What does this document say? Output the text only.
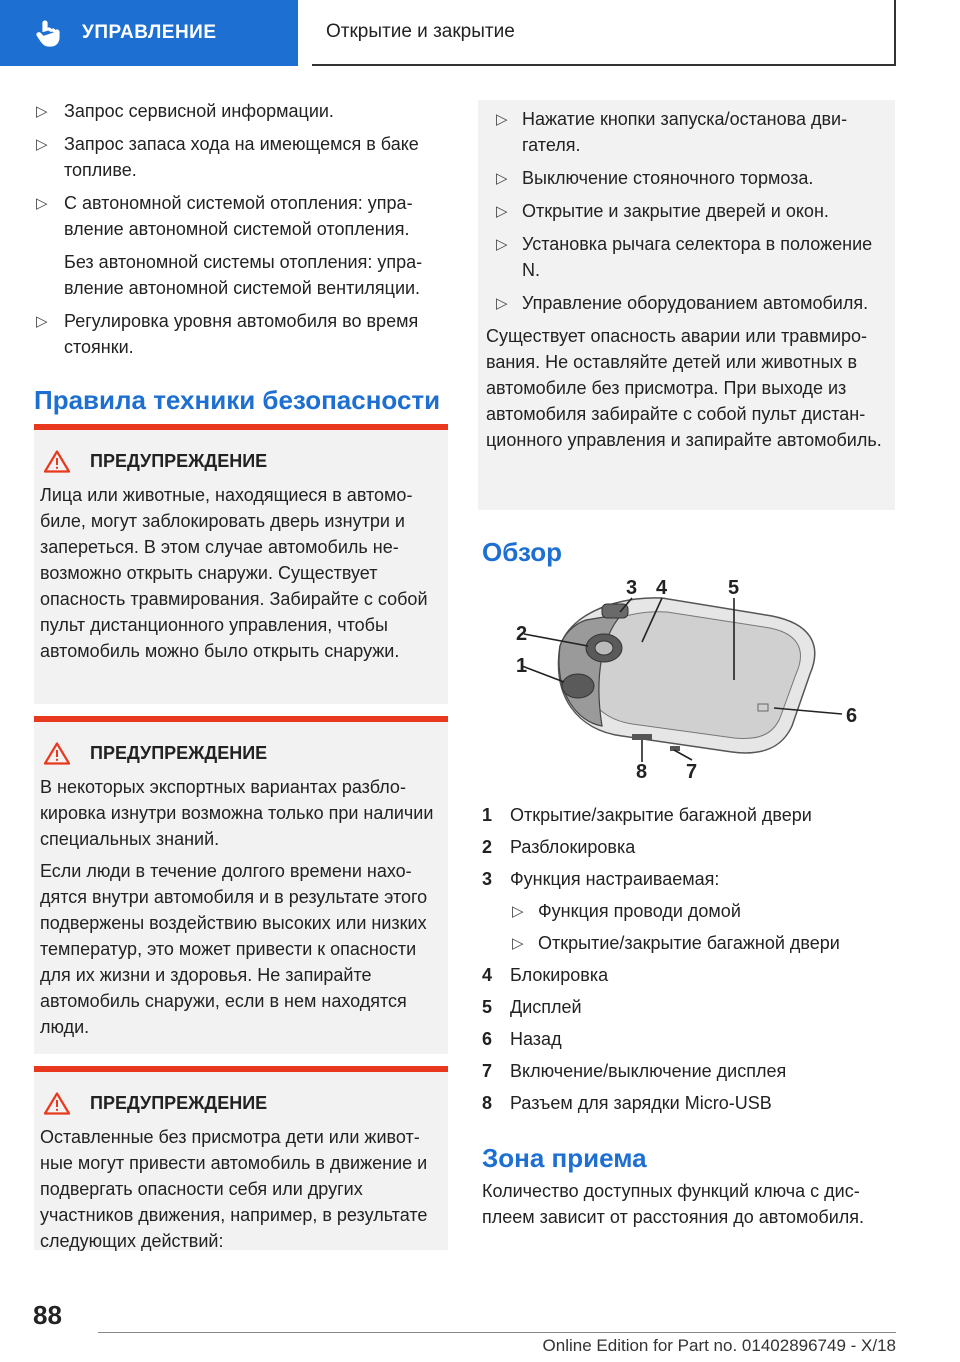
УПРАВЛЕНИЕ	Открытие и закрытие
▷ Запрос сервисной информации.
▷ Запрос запаса хода на имеющемся в баке топливе.
▷ С автономной системой отопления: управление автономной системой отопления.
Без автономной системы отопления: управление автономной системой вентиляции.
▷ Регулировка уровня автомобиля во время стоянки.
Правила техники безопасности
ПРЕДУПРЕЖДЕНИЕ

Лица или животные, находящиеся в автомобиле, могут заблокировать дверь изнутри и запереться. В этом случае автомобиль невозможно открыть снаружи. Существует опасность травмирования. Забирайте с собой пульт дистанционного управления, чтобы автомобиль можно было открыть снаружи.

ПРЕДУПРЕЖДЕНИЕ

В некоторых экспортных вариантах разблокировка изнутри возможна только при наличии специальных знаний.

Если люди в течение долгого времени находятся внутри автомобиля и в результате этого подвержены воздействию высоких или низких температур, это может привести к опасности для их жизни и здоровья. Не запирайте автомобиль снаружи, если в нем находятся люди.

ПРЕДУПРЕЖДЕНИЕ

Оставленные без присмотра дети или животные могут привести автомобиль в движение и подвергать опасности себя или других участников движения, например, в результате следующих действий:

▷ Нажатие кнопки запуска/останова двигателя.
▷ Выключение стояночного тормоза.
▷ Открытие и закрытие дверей и окон.
▷ Установка рычага селектора в положение N.
▷ Управление оборудованием автомобиля.

Существует опасность аварии или травмирования. Не оставляйте детей или животных в автомобиле без присмотра. При выходе из автомобиля забирайте с собой пульт дистанционного управления и запирайте автомобиль.

Обзор
1
2
3 4	5
6
7
8
1 Открытие/закрытие багажной двери
2 Разблокировка
3 Функция настраиваемая:
▷ Функция проводи домой
▷ Открытие/закрытие багажной двери
4 Блокировка
5 Дисплей
6 Назад
7 Включение/выключение дисплея
8 Разъем для зарядки Micro-USB
Зона приема

Количество доступных функций ключа с дисплеем зависит от расстояния до автомобиля.

88
Online Edition for Part no. 01402896749 - X/18
